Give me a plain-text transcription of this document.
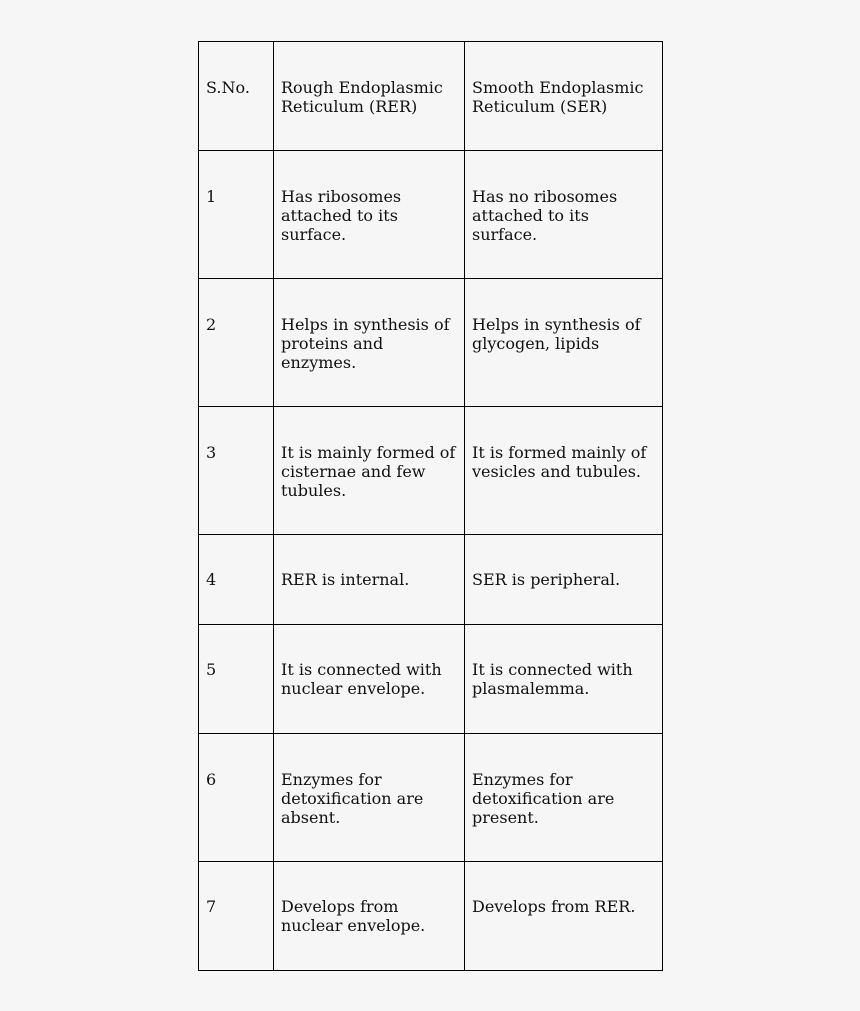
S.No.	Rough Endoplasmic Reticulum (RER)	Smooth Endoplasmic Reticulum (SER)
1	Has ribosomes attached to its surface.	Has no ribosomes attached to its surface.
2	Helps in synthesis of proteins and enzymes.	Helps in synthesis of glycogen, lipids
3	It is mainly formed of cisternae and few tubules.	It is formed mainly of vesicles and tubules.
4	RER is internal.	SER is peripheral.
5	It is connected with nuclear envelope.	It is connected with plasmalemma.
6	Enzymes for detoxification are absent.	Enzymes for detoxification are present.
7	Develops from nuclear envelope.	Develops from RER.
